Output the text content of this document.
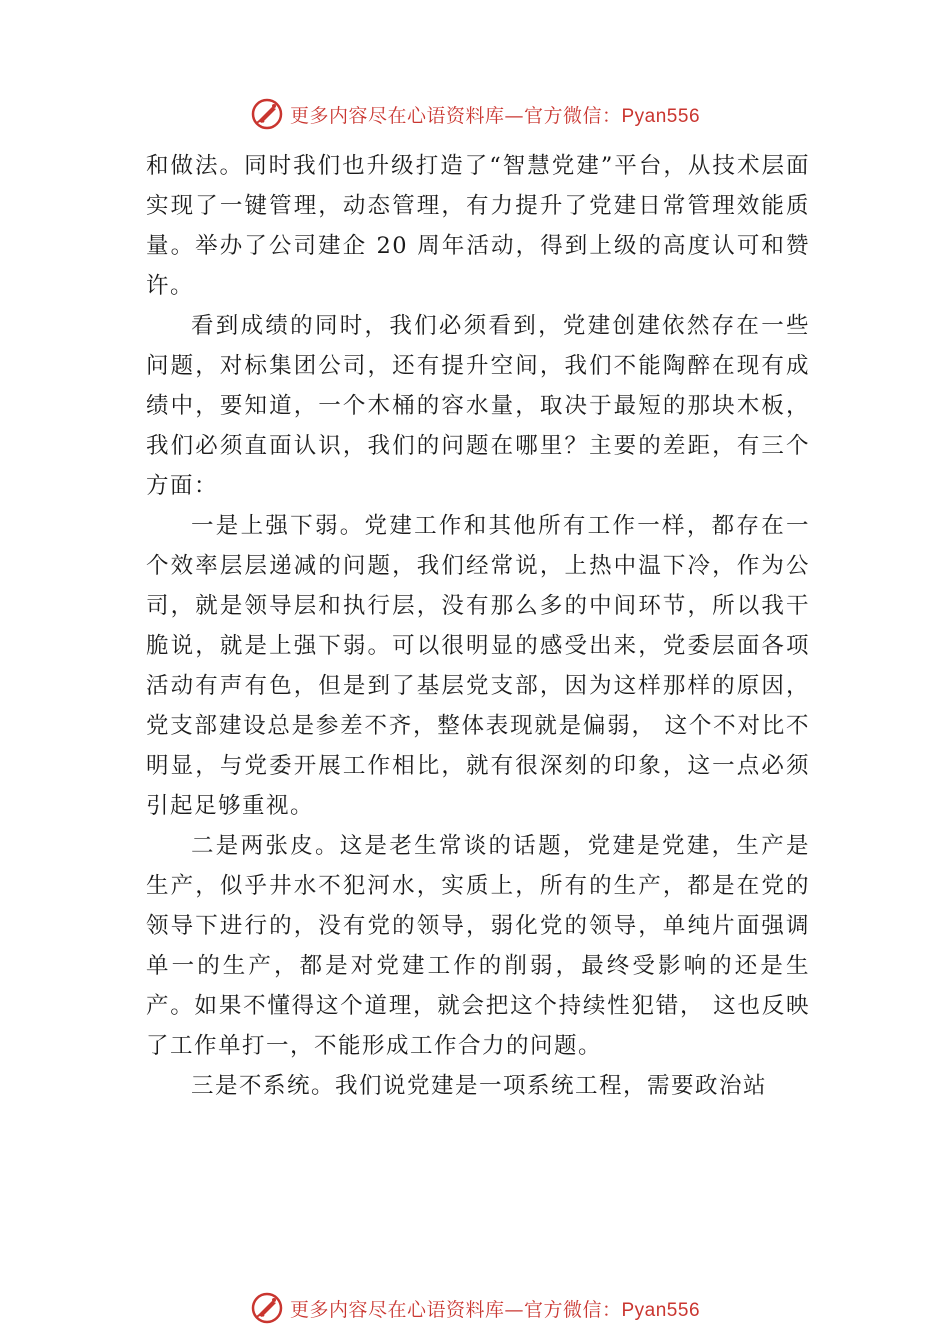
更多内容尽在心语资料库—官方微信：Pyan556

和做法。同时我们也升级打造了“智慧党建”平台，从技术层面实现了一键管理，动态管理，有力提升了党建日常管理效能质量。举办了公司建企 20 周年活动，得到上级的高度认可和赞许。

看到成绩的同时，我们必须看到，党建创建依然存在一些问题，对标集团公司，还有提升空间，我们不能陶醉在现有成绩中，要知道，一个木桶的容水量，取决于最短的那块木板，我们必须直面认识，我们的问题在哪里？主要的差距，有三个方面：

一是上强下弱。党建工作和其他所有工作一样，都存在一个效率层层递减的问题，我们经常说，上热中温下冷，作为公司，就是领导层和执行层，没有那么多的中间环节，所以我干脆说，就是上强下弱。可以很明显的感受出来，党委层面各项活动有声有色，但是到了基层党支部，因为这样那样的原因，党支部建设总是参差不齐，整体表现就是偏弱， 这个不对比不明显，与党委开展工作相比，就有很深刻的印象，这一点必须引起足够重视。

二是两张皮。这是老生常谈的话题，党建是党建，生产是生产，似乎井水不犯河水，实质上，所有的生产，都是在党的领导下进行的，没有党的领导，弱化党的领导，单纯片面强调单一的生产，都是对党建工作的削弱，最终受影响的还是生产。如果不懂得这个道理，就会把这个持续性犯错， 这也反映了工作单打一，不能形成工作合力的问题。

三是不系统。我们说党建是一项系统工程，需要政治站

更多内容尽在心语资料库—官方微信：Pyan556
